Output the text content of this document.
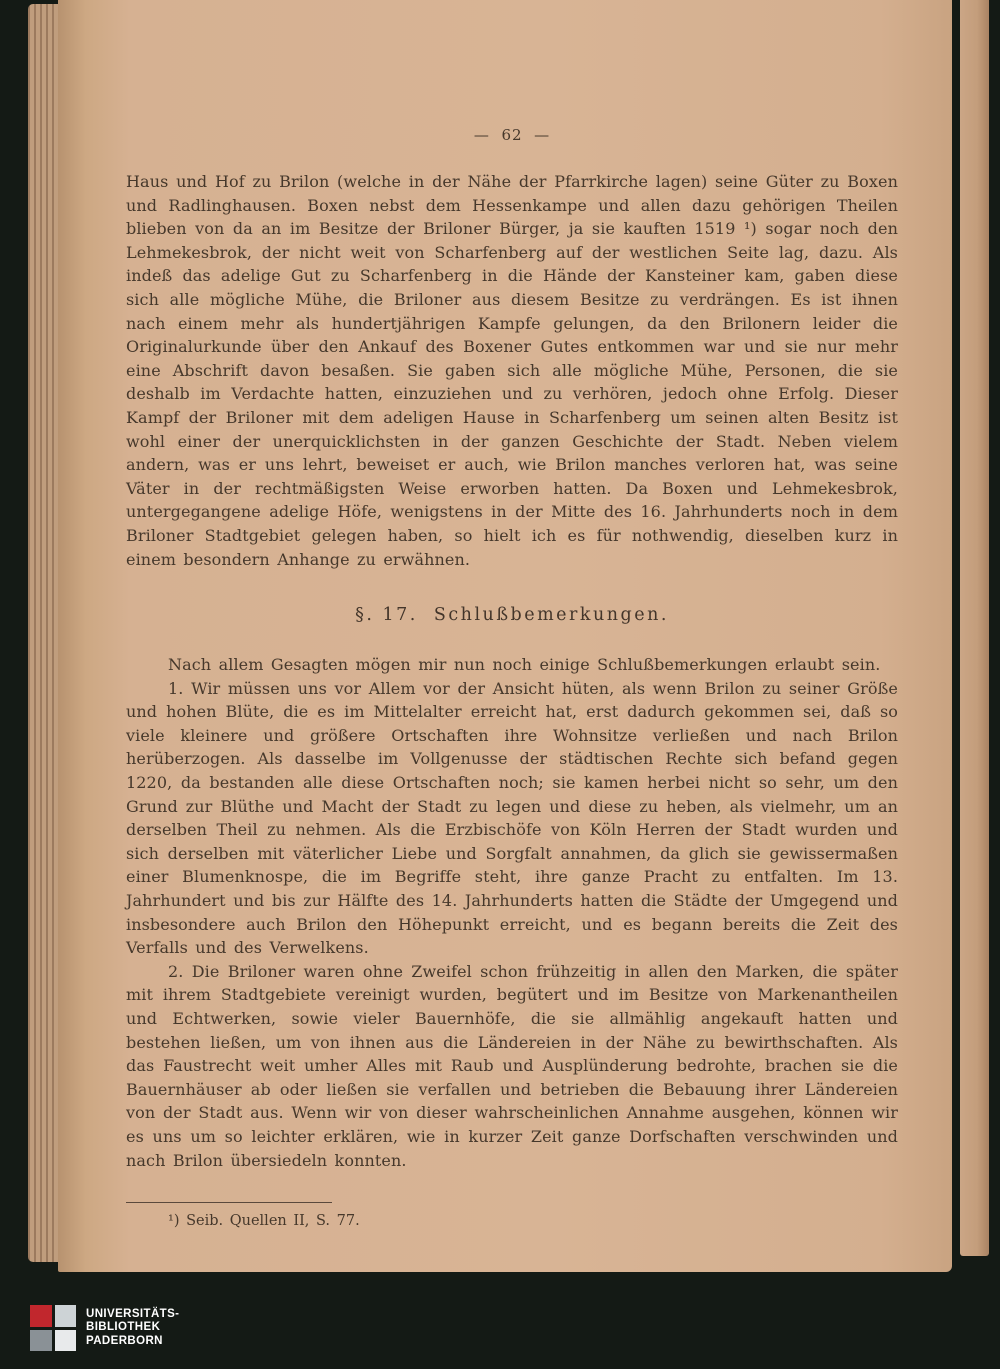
—  62  —

Haus und Hof zu Brilon (welche in der Nähe der Pfarrkirche lagen) seine Güter zu Boxen und Radlinghausen. Boxen nebst dem Hessenkampe und allen dazu gehörigen Theilen blieben von da an im Besitze der Briloner Bürger, ja sie kauften 1519 ¹) sogar noch den Lehmekesbrok, der nicht weit von Scharfenberg auf der westlichen Seite lag, dazu. Als indeß das adelige Gut zu Scharfenberg in die Hände der Kansteiner kam, gaben diese sich alle mögliche Mühe, die Briloner aus diesem Besitze zu verdrängen. Es ist ihnen nach einem mehr als hundertjährigen Kampfe gelungen, da den Brilonern leider die Originalurkunde über den Ankauf des Boxener Gutes entkommen war und sie nur mehr eine Abschrift davon besaßen. Sie gaben sich alle mögliche Mühe, Personen, die sie deshalb im Verdachte hatten, einzuziehen und zu verhören, jedoch ohne Erfolg. Dieser Kampf der Briloner mit dem adeligen Hause in Scharfenberg um seinen alten Besitz ist wohl einer der unerquicklichsten in der ganzen Geschichte der Stadt. Neben vielem andern, was er uns lehrt, beweiset er auch, wie Brilon manches verloren hat, was seine Väter in der rechtmäßigsten Weise erworben hatten. Da Boxen und Lehmekesbrok, untergegangene adelige Höfe, wenigstens in der Mitte des 16. Jahrhunderts noch in dem Briloner Stadtgebiet gelegen haben, so hielt ich es für nothwendig, dieselben kurz in einem besondern Anhange zu erwähnen.

§. 17.  Schlußbemerkungen.

Nach allem Gesagten mögen mir nun noch einige Schlußbemerkungen erlaubt sein.

1. Wir müssen uns vor Allem vor der Ansicht hüten, als wenn Brilon zu seiner Größe und hohen Blüte, die es im Mittelalter erreicht hat, erst dadurch gekommen sei, daß so viele kleinere und größere Ortschaften ihre Wohnsitze verließen und nach Brilon herüberzogen. Als dasselbe im Vollgenusse der städtischen Rechte sich befand gegen 1220, da bestanden alle diese Ortschaften noch; sie kamen herbei nicht so sehr, um den Grund zur Blüthe und Macht der Stadt zu legen und diese zu heben, als vielmehr, um an derselben Theil zu nehmen. Als die Erzbischöfe von Köln Herren der Stadt wurden und sich derselben mit väterlicher Liebe und Sorgfalt annahmen, da glich sie gewissermaßen einer Blumenknospe, die im Begriffe steht, ihre ganze Pracht zu entfalten. Im 13. Jahrhundert und bis zur Hälfte des 14. Jahrhunderts hatten die Städte der Umgegend und insbesondere auch Brilon den Höhepunkt erreicht, und es begann bereits die Zeit des Verfalls und des Verwelkens.

2. Die Briloner waren ohne Zweifel schon frühzeitig in allen den Marken, die später mit ihrem Stadtgebiete vereinigt wurden, begütert und im Besitze von Markenantheilen und Echtwerken, sowie vieler Bauernhöfe, die sie allmählig angekauft hatten und bestehen ließen, um von ihnen aus die Ländereien in der Nähe zu bewirthschaften. Als das Faustrecht weit umher Alles mit Raub und Ausplünderung bedrohte, brachen sie die Bauernhäuser ab oder ließen sie verfallen und betrieben die Bebauung ihrer Ländereien von der Stadt aus. Wenn wir von dieser wahrscheinlichen Annahme ausgehen, können wir es uns um so leichter erklären, wie in kurzer Zeit ganze Dorfschaften verschwinden und nach Brilon übersiedeln konnten.

¹) Seib. Quellen II, S. 77.

UNIVERSITÄTS-
BIBLIOTHEK
PADERBORN
